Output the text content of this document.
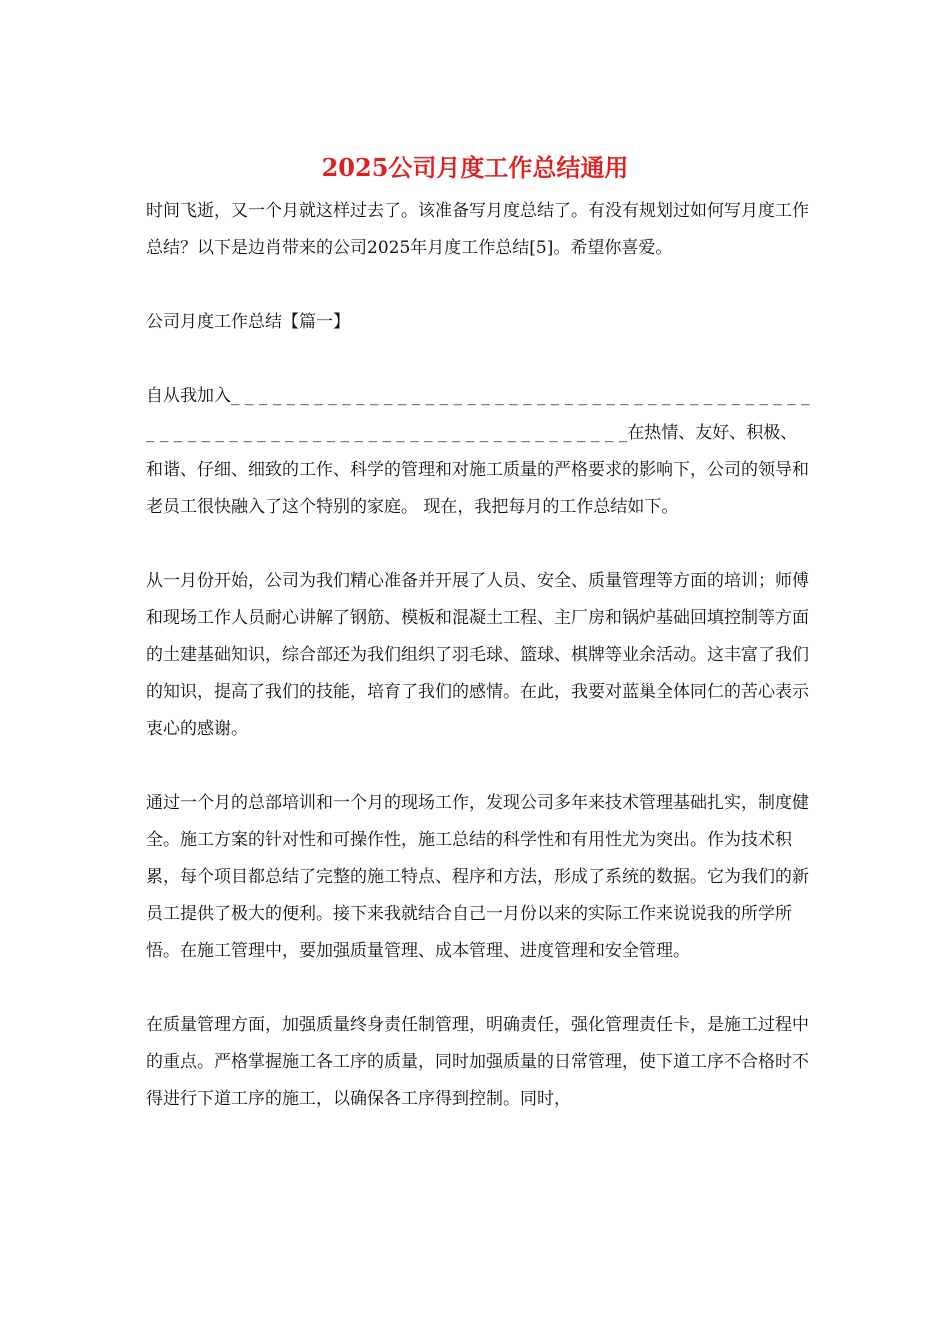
2025公司月度工作总结通用

时间飞逝，又一个月就这样过去了。该准备写月度总结了。有没有规划过如何写月度工作总结？以下是边肖带来的公司2025年月度工作总结[5]。希望你喜爱。

公司月度工作总结【篇一】

自从我加入_ _ _ _ _ _ _ _ _ _ _ _ _ _ _ _ _ _ _ _ _ _ _ _ _ _ _ _ _ _ _ _ _ _ _ _ _ _ _ _ _ _ _ _ _ _ _ _ _ _ _ _ _ _ _ _ _ _ _ _ _ _ _ _ _ _ _ _ _ _ _ _ _ _ _ _ _在热情、友好、积极、和谐、仔细、细致的工作、科学的管理和对施工质量的严格要求的影响下，公司的领导和老员工很快融入了这个特别的家庭。 现在，我把每月的工作总结如下。

从一月份开始，公司为我们精心准备并开展了人员、安全、质量管理等方面的培训；师傅和现场工作人员耐心讲解了钢筋、模板和混凝土工程、主厂房和锅炉基础回填控制等方面的土建基础知识，综合部还为我们组织了羽毛球、篮球、棋牌等业余活动。这丰富了我们的知识，提高了我们的技能，培育了我们的感情。在此，我要对蓝巢全体同仁的苦心表示衷心的感谢。

通过一个月的总部培训和一个月的现场工作，发现公司多年来技术管理基础扎实，制度健全。施工方案的针对性和可操作性，施工总结的科学性和有用性尤为突出。作为技术积累，每个项目都总结了完整的施工特点、程序和方法，形成了系统的数据。它为我们的新员工提供了极大的便利。接下来我就结合自己一月份以来的实际工作来说说我的所学所悟。在施工管理中，要加强质量管理、成本管理、进度管理和安全管理。

在质量管理方面，加强质量终身责任制管理，明确责任，强化管理责任卡，是施工过程中的重点。严格掌握施工各工序的质量，同时加强质量的日常管理，使下道工序不合格时不得进行下道工序的施工，以确保各工序得到控制。同时，
